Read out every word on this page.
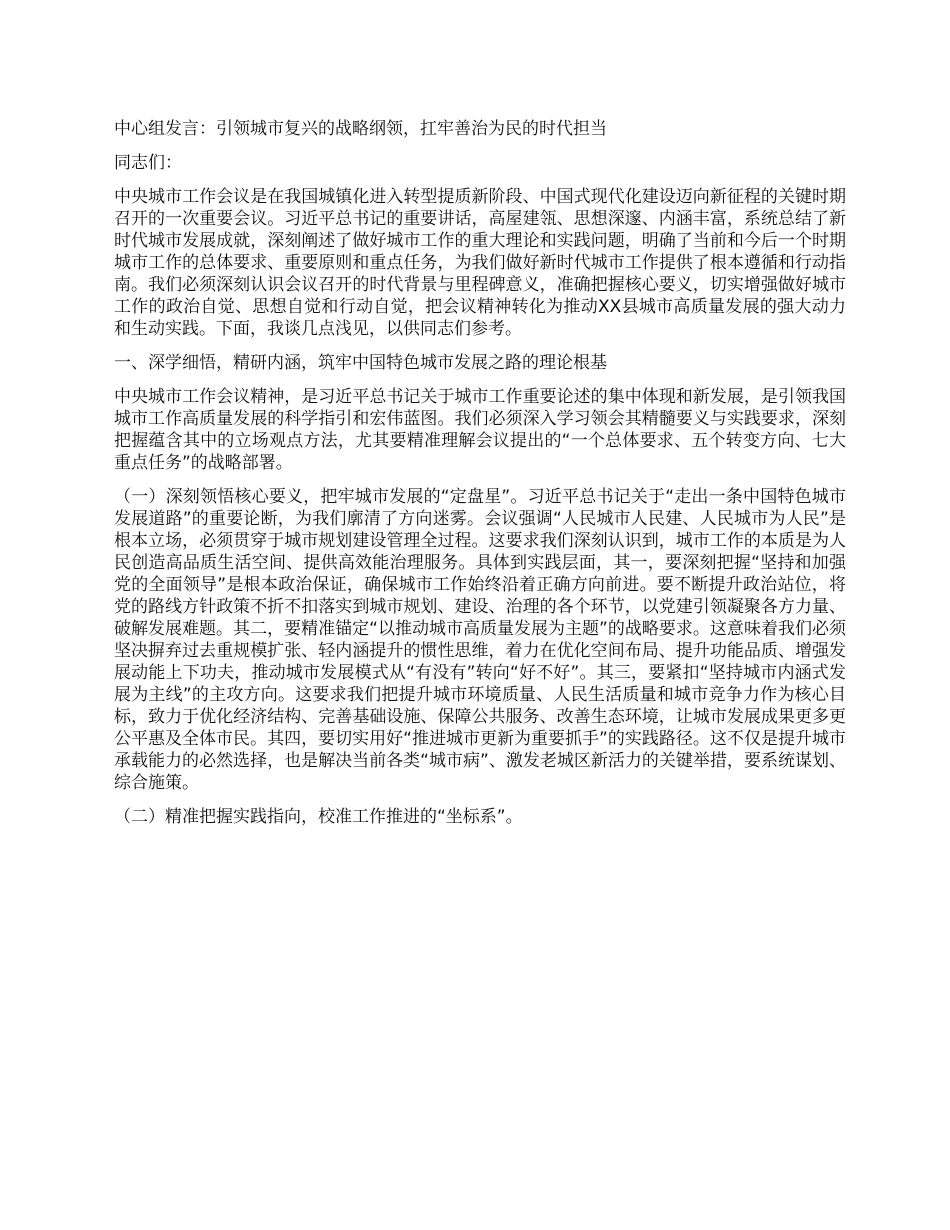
中心组发言：引领城市复兴的战略纲领，扛牢善治为民的时代担当

同志们：

中央城市工作会议是在我国城镇化进入转型提质新阶段、中国式现代化建设迈向新征程的关键时期召开的一次重要会议。习近平总书记的重要讲话，高屋建瓴、思想深邃、内涵丰富，系统总结了新时代城市发展成就，深刻阐述了做好城市工作的重大理论和实践问题，明确了当前和今后一个时期城市工作的总体要求、重要原则和重点任务，为我们做好新时代城市工作提供了根本遵循和行动指南。我们必须深刻认识会议召开的时代背景与里程碑意义，准确把握核心要义，切实增强做好城市工作的政治自觉、思想自觉和行动自觉，把会议精神转化为推动XX县城市高质量发展的强大动力和生动实践。下面，我谈几点浅见，以供同志们参考。

一、深学细悟，精研内涵，筑牢中国特色城市发展之路的理论根基

中央城市工作会议精神，是习近平总书记关于城市工作重要论述的集中体现和新发展，是引领我国城市工作高质量发展的科学指引和宏伟蓝图。我们必须深入学习领会其精髓要义与实践要求，深刻把握蕴含其中的立场观点方法，尤其要精准理解会议提出的“一个总体要求、五个转变方向、七大重点任务”的战略部署。

（一）深刻领悟核心要义，把牢城市发展的“定盘星”。习近平总书记关于“走出一条中国特色城市发展道路”的重要论断，为我们廓清了方向迷雾。会议强调“人民城市人民建、人民城市为人民”是根本立场，必须贯穿于城市规划建设管理全过程。这要求我们深刻认识到，城市工作的本质是为人民创造高品质生活空间、提供高效能治理服务。具体到实践层面，其一，要深刻把握“坚持和加强党的全面领导”是根本政治保证，确保城市工作始终沿着正确方向前进。要不断提升政治站位，将党的路线方针政策不折不扣落实到城市规划、建设、治理的各个环节，以党建引领凝聚各方力量、破解发展难题。其二，要精准锚定“以推动城市高质量发展为主题”的战略要求。这意味着我们必须坚决摒弃过去重规模扩张、轻内涵提升的惯性思维，着力在优化空间布局、提升功能品质、增强发展动能上下功夫，推动城市发展模式从“有没有”转向“好不好”。其三，要紧扣“坚持城市内涵式发展为主线”的主攻方向。这要求我们把提升城市环境质量、人民生活质量和城市竞争力作为核心目标，致力于优化经济结构、完善基础设施、保障公共服务、改善生态环境，让城市发展成果更多更公平惠及全体市民。其四，要切实用好“推进城市更新为重要抓手”的实践路径。这不仅是提升城市承载能力的必然选择，也是解决当前各类“城市病”、激发老城区新活力的关键举措，要系统谋划、综合施策。

（二）精准把握实践指向，校准工作推进的“坐标系”。
